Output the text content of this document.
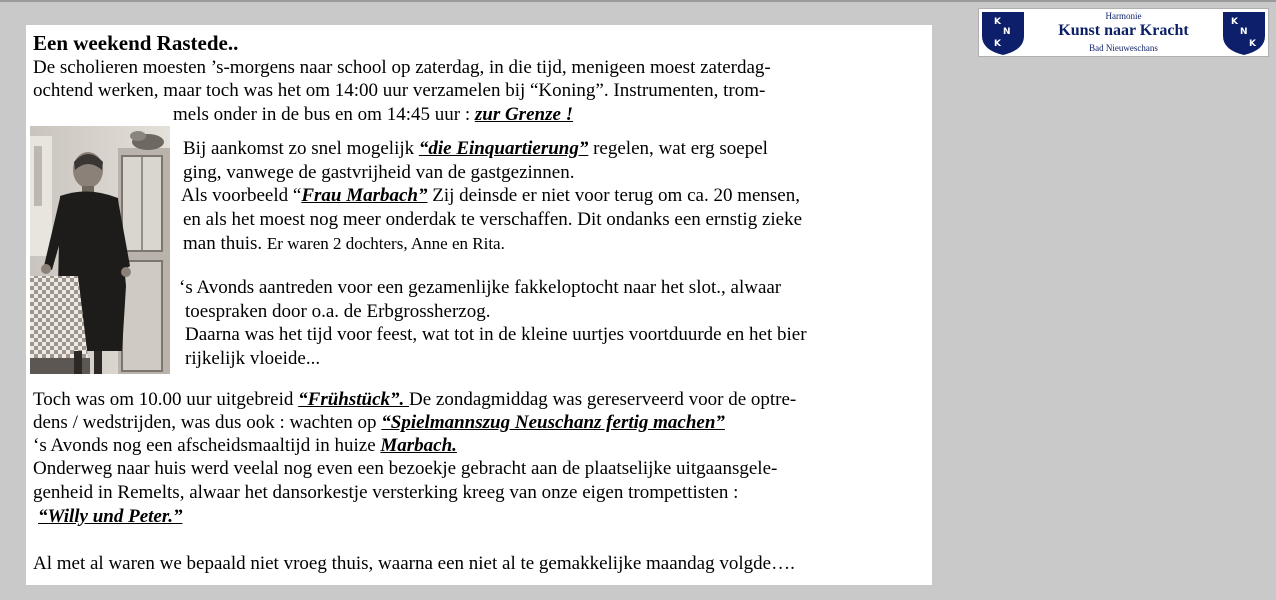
Een weekend Rastede..
De scholieren moesten ’s-morgens naar school op zaterdag, in die tijd, menigeen moest zaterdag-
ochtend werken, maar toch was het om 14:00 uur verzamelen bij “Koning”. Instrumenten, trom-
mels onder in de bus en om 14:45 uur : zur Grenze !
Bij aankomst zo snel mogelijk “die Einquartierung” regelen, wat erg soepel
ging, vanwege de gastvrijheid van de gastgezinnen.
Als voorbeeld “Frau Marbach” Zij deinsde er niet voor terug om ca. 20 mensen,
en als het moest nog meer onderdak te verschaffen. Dit ondanks een ernstig zieke
man thuis. Er waren 2 dochters, Anne en Rita.
‘s Avonds aantreden voor een gezamenlijke fakkeloptocht naar het slot., alwaar
toespraken door o.a. de Erbgrossherzog.
Daarna was het tijd voor feest, wat tot in de kleine uurtjes voortduurde en het bier
rijkelijk vloeide...
Toch was om 10.00 uur uitgebreid “Frühstück”. De zondagmiddag was gereserveerd voor de optre-
dens / wedstrijden, was dus ook : wachten op “Spielmannszug Neuschanz fertig machen”
‘s Avonds nog een afscheidsmaaltijd in huize Marbach.
Onderweg naar huis werd veelal nog even een bezoekje gebracht aan de plaatselijke uitgaansgele-
genheid in Remelts, alwaar het dansorkestje versterking kreeg van onze eigen trompettisten :
“Willy und Peter.”
Al met al waren we bepaald niet vroeg thuis, waarna een niet al te gemakkelijke maandag volgde….
K
N
K
Harmonie
Kunst naar Kracht
Bad Nieuweschans
K
N
K
